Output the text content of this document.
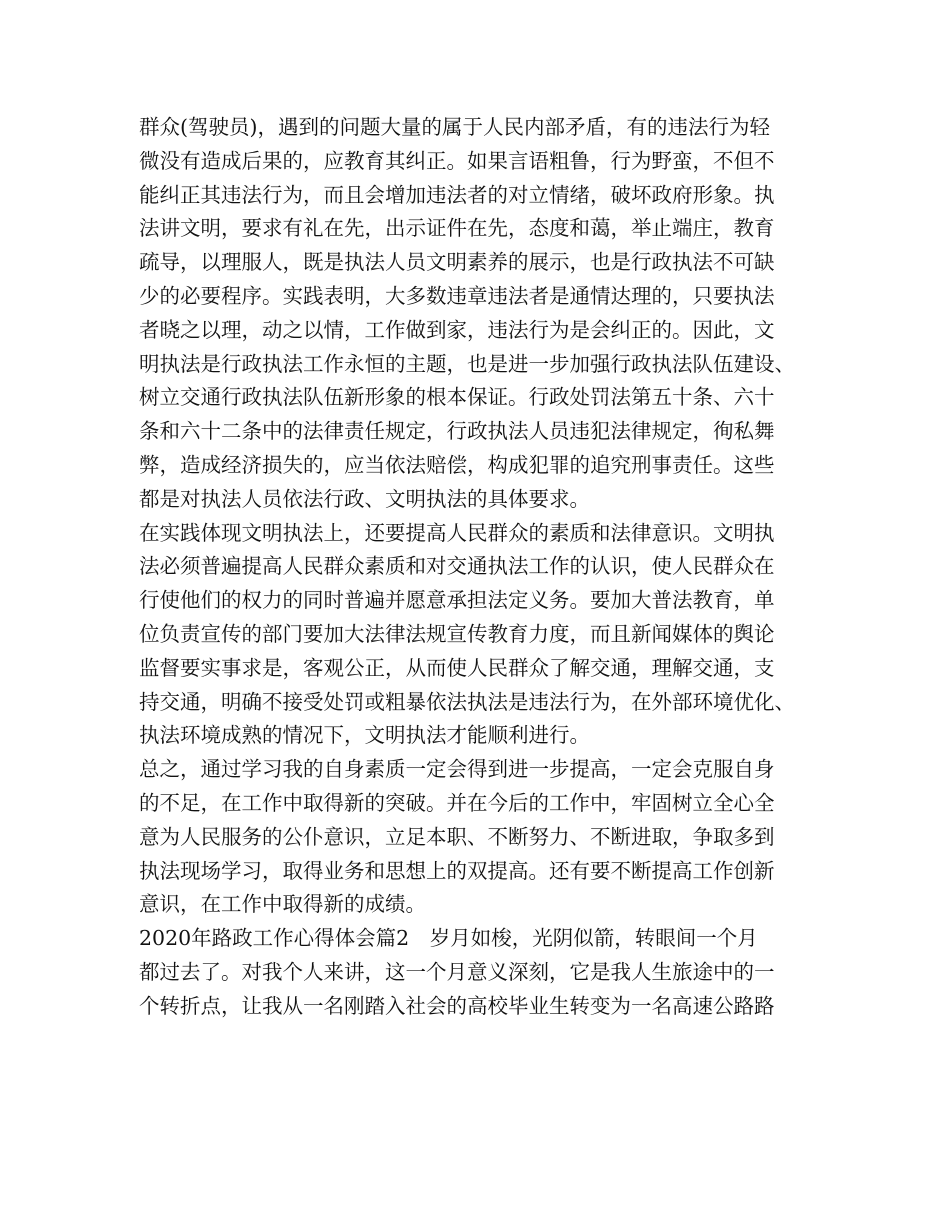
群众(驾驶员)，遇到的问题大量的属于人民内部矛盾，有的违法行为轻
微没有造成后果的，应教育其纠正。如果言语粗鲁，行为野蛮，不但不
能纠正其违法行为，而且会增加违法者的对立情绪，破坏政府形象。执
法讲文明，要求有礼在先，出示证件在先，态度和蔼，举止端庄，教育
疏导，以理服人，既是执法人员文明素养的展示，也是行政执法不可缺
少的必要程序。实践表明，大多数违章违法者是通情达理的，只要执法
者晓之以理，动之以情，工作做到家，违法行为是会纠正的。因此，文
明执法是行政执法工作永恒的主题，也是进一步加强行政执法队伍建设、
树立交通行政执法队伍新形象的根本保证。行政处罚法第五十条、六十
条和六十二条中的法律责任规定，行政执法人员违犯法律规定，徇私舞
弊，造成经济损失的，应当依法赔偿，构成犯罪的追究刑事责任。这些
都是对执法人员依法行政、文明执法的具体要求。
在实践体现文明执法上，还要提高人民群众的素质和法律意识。文明执
法必须普遍提高人民群众素质和对交通执法工作的认识，使人民群众在
行使他们的权力的同时普遍并愿意承担法定义务。要加大普法教育，单
位负责宣传的部门要加大法律法规宣传教育力度，而且新闻媒体的舆论
监督要实事求是，客观公正，从而使人民群众了解交通，理解交通，支
持交通，明确不接受处罚或粗暴依法执法是违法行为，在外部环境优化、
执法环境成熟的情况下，文明执法才能顺利进行。
总之，通过学习我的自身素质一定会得到进一步提高，一定会克服自身
的不足，在工作中取得新的突破。并在今后的工作中，牢固树立全心全
意为人民服务的公仆意识，立足本职、不断努力、不断进取，争取多到
执法现场学习，取得业务和思想上的双提高。还有要不断提高工作创新
意识，在工作中取得新的成绩。
2020年路政工作心得体会篇2　岁月如梭，光阴似箭，转眼间一个月
都过去了。对我个人来讲，这一个月意义深刻，它是我人生旅途中的一
个转折点，让我从一名刚踏入社会的高校毕业生转变为一名高速公路路
